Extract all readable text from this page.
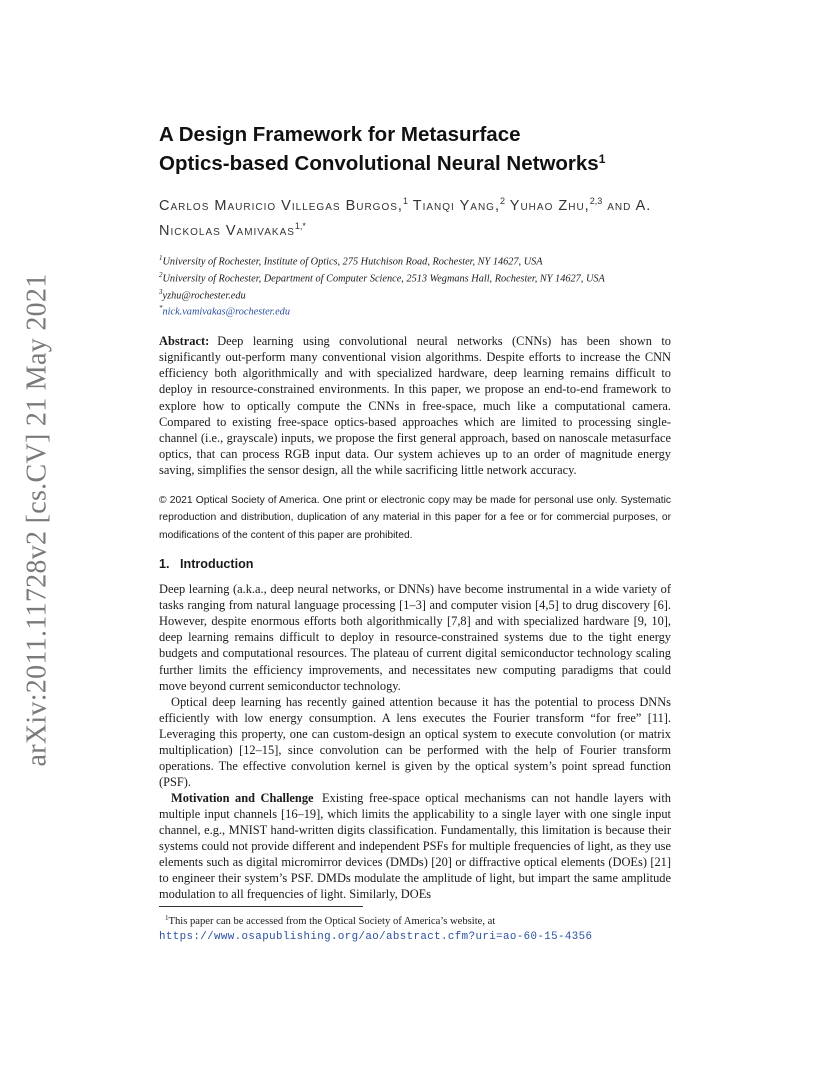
arXiv:2011.11728v2 [cs.CV] 21 May 2021
A Design Framework for Metasurface
Optics-based Convolutional Neural Networks$^1$
Carlos Mauricio Villegas Burgos,$^1$ Tianqi Yang,$^2$ Yuhao Zhu,$^{2,3}$ and A. Nickolas Vamivakas$^{1,*}$
$^1$University of Rochester, Institute of Optics, 275 Hutchison Road, Rochester, NY 14627, USA
$^2$University of Rochester, Department of Computer Science, 2513 Wegmans Hall, Rochester, NY 14627, USA
$^3$yzhu@rochester.edu
*nick.vamivakas@rochester.edu
Abstract: Deep learning using convolutional neural networks (CNNs) has been shown to significantly out-perform many conventional vision algorithms. Despite efforts to increase the CNN efficiency both algorithmically and with specialized hardware, deep learning remains difficult to deploy in resource-constrained environments. In this paper, we propose an end-to-end framework to explore how to optically compute the CNNs in free-space, much like a computational camera. Compared to existing free-space optics-based approaches which are limited to processing single-channel (i.e., grayscale) inputs, we propose the first general approach, based on nanoscale metasurface optics, that can process RGB input data. Our system achieves up to an order of magnitude energy saving, simplifies the sensor design, all the while sacrificing little network accuracy.
© 2021 Optical Society of America. One print or electronic copy may be made for personal use only. Systematic reproduction and distribution, duplication of any material in this paper for a fee or for commercial purposes, or modifications of the content of this paper are prohibited.
1. Introduction

Deep learning (a.k.a., deep neural networks, or DNNs) have become instrumental in a wide variety of tasks ranging from natural language processing [1–3] and computer vision [4,5] to drug discovery [6]. However, despite enormous efforts both algorithmically [7,8] and with specialized hardware [9, 10], deep learning remains difficult to deploy in resource-constrained systems due to the tight energy budgets and computational resources. The plateau of current digital semiconductor technology scaling further limits the efficiency improvements, and necessitates new computing paradigms that could move beyond current semiconductor technology.

Optical deep learning has recently gained attention because it has the potential to process DNNs efficiently with low energy consumption. A lens executes the Fourier transform “for free” [11]. Leveraging this property, one can custom-design an optical system to execute convolution (or matrix multiplication) [12–15], since convolution can be performed with the help of Fourier transform operations. The effective convolution kernel is given by the optical system’s point spread function (PSF).

Motivation and Challenge Existing free-space optical mechanisms can not handle layers with multiple input channels [16–19], which limits the applicability to a single layer with one single input channel, e.g., MNIST hand-written digits classification. Fundamentally, this limitation is because their systems could not provide different and independent PSFs for multiple frequencies of light, as they use elements such as digital micromirror devices (DMDs) [20] or diffractive optical elements (DOEs) [21] to engineer their system’s PSF. DMDs modulate the amplitude of light, but impart the same amplitude modulation to all frequencies of light. Similarly, DOEs

$^1$This paper can be accessed from the Optical Society of America’s website, at
https://www.osapublishing.org/ao/abstract.cfm?uri=ao-60-15-4356
